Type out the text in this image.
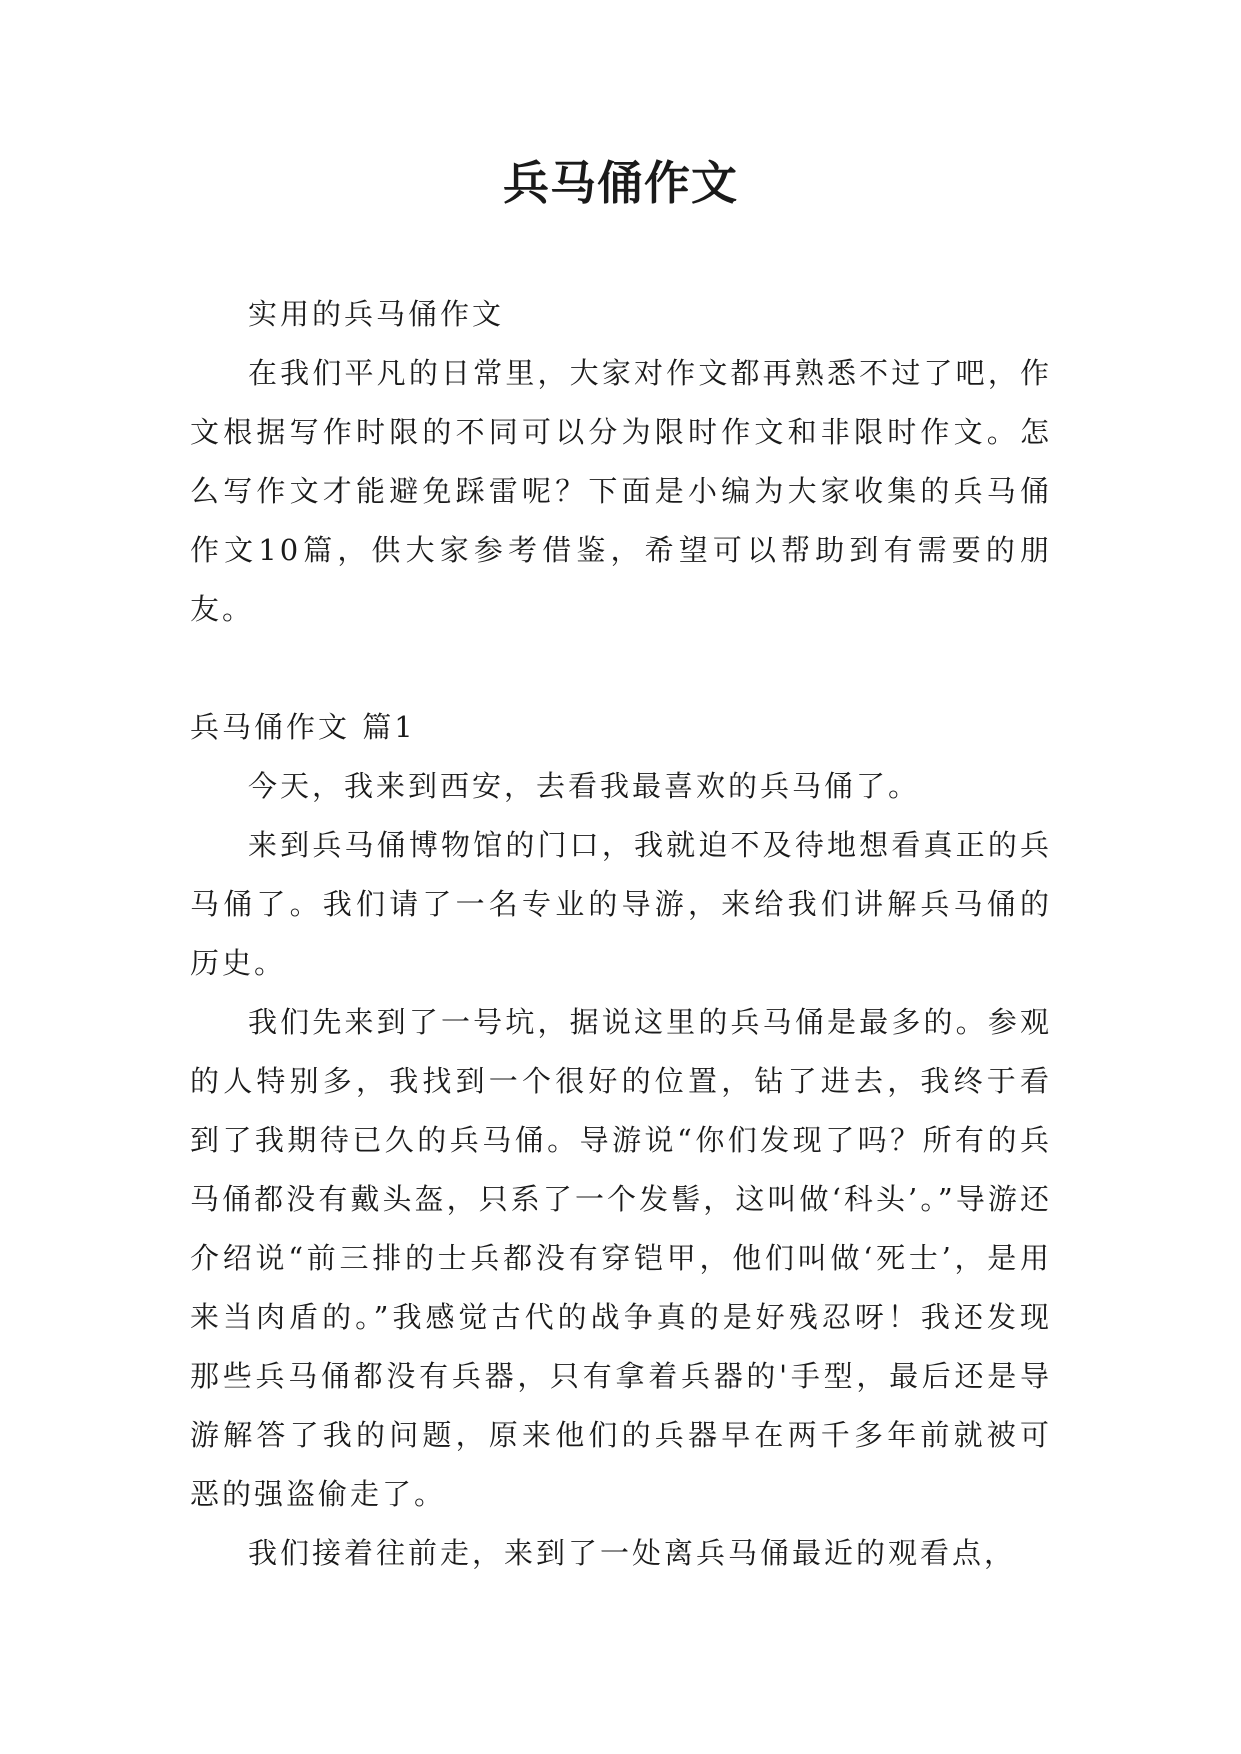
兵马俑作文

实用的兵马俑作文

在我们平凡的日常里，大家对作文都再熟悉不过了吧，作文根据写作时限的不同可以分为限时作文和非限时作文。怎么写作文才能避免踩雷呢？下面是小编为大家收集的兵马俑作文10篇，供大家参考借鉴，希望可以帮助到有需要的朋友。

兵马俑作文 篇1

今天，我来到西安，去看我最喜欢的兵马俑了。

来到兵马俑博物馆的门口，我就迫不及待地想看真正的兵马俑了。我们请了一名专业的导游，来给我们讲解兵马俑的历史。

我们先来到了一号坑，据说这里的兵马俑是最多的。参观的人特别多，我找到一个很好的位置，钻了进去，我终于看到了我期待已久的兵马俑。导游说“你们发现了吗？所有的兵马俑都没有戴头盔，只系了一个发髻，这叫做‘科头’。”导游还介绍说“前三排的士兵都没有穿铠甲，他们叫做‘死士’，是用来当肉盾的。”我感觉古代的战争真的是好残忍呀！我还发现那些兵马俑都没有兵器，只有拿着兵器的'手型，最后还是导游解答了我的问题，原来他们的兵器早在两千多年前就被可恶的强盗偷走了。

我们接着往前走，来到了一处离兵马俑最近的观看点，
